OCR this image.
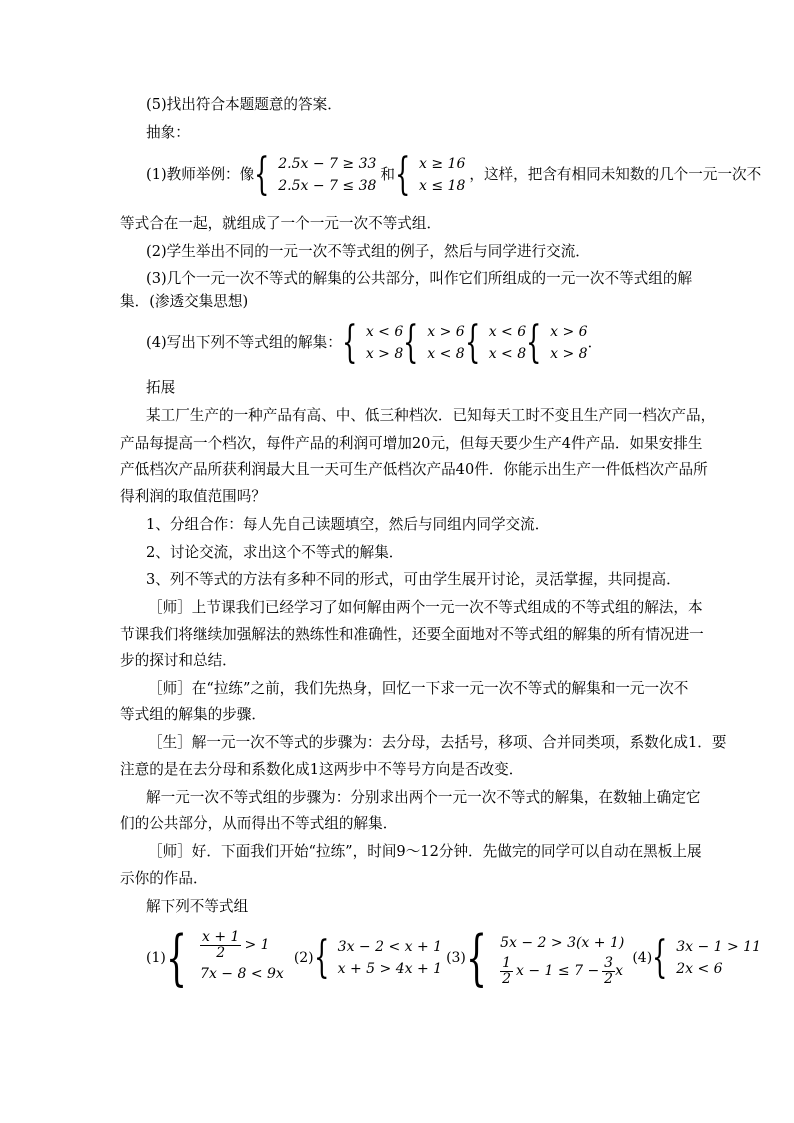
(5)找出符合本题题意的答案．
抽象：
(1)教师举例：像 { 2.5x − 7 ≥ 33
2.5x − 7 ≤ 38
和 { x ≥ 16
x ≤ 18
，这样，把含有相同未知数的几个一元一次不
等式合在一起，就组成了一个一元一次不等式组．
(2)学生举出不同的一元一次不等式组的例子，然后与同学进行交流．
(3)几个一元一次不等式的解集的公共部分，叫作它们所组成的一元一次不等式组的解
集．(渗透交集思想)
(4)写出下列不等式组的解集： { x < 6
x > 8 { x > 6
x < 8 { x < 6
x < 8 { x > 6
x > 8
．
拓展
某工厂生产的一种产品有高、中、低三种档次．已知每天工时不变且生产同一档次产品，
产品每提高一个档次，每件产品的利润可增加20元，但每天要少生产4件产品．如果安排生
产低档次产品所获利润最大且一天可生产低档次产品40件．你能示出生产一件低档次产品所
得利润的取值范围吗？
1、分组合作：每人先自己读题填空，然后与同组内同学交流．
2、讨论交流，求出这个不等式的解集．
3、列不等式的方法有多种不同的形式，可由学生展开讨论，灵活掌握，共同提高．
［师］上节课我们已经学习了如何解由两个一元一次不等式组成的不等式组的解法，本
节课我们将继续加强解法的熟练性和准确性，还要全面地对不等式组的解集的所有情况进一
步的探讨和总结．
［师］在“拉练”之前，我们先热身，回忆一下求一元一次不等式的解集和一元一次不
等式组的解集的步骤．
［生］解一元一次不等式的步骤为：去分母，去括号，移项、合并同类项，系数化成1．要
注意的是在去分母和系数化成1这两步中不等号方向是否改变．
解一元一次不等式组的步骤为：分别求出两个一元一次不等式的解集，在数轴上确定它
们的公共部分，从而得出不等式组的解集．
［师］好．下面我们开始“拉练”，时间9～12分钟．先做完的同学可以自动在黑板上展
示你的作品．
解下列不等式组
(1) { $\frac{x + 1}{2} > 1$
7x − 8 < 9x
(2) { 3x − 2 < x + 1
x + 5 > 4x + 1
(3) { 5x − 2 > 3(x + 1)
$\frac{1}{2}$ $x - 1 \le 7 - \frac{3}{2}$ x
(4) { 3x − 1 > 11
2x < 6
